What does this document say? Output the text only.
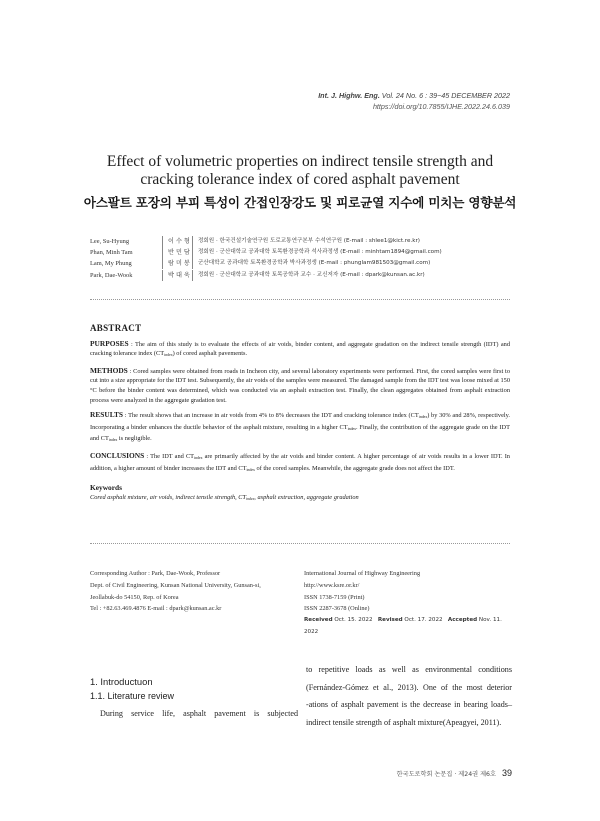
Int. J. Highw. Eng. Vol. 24 No. 6 : 39~45 DECEMBER 2022
https://doi.org/10.7855/IJHE.2022.24.6.039
Effect of volumetric properties on indirect tensile strength and
cracking tolerance index of cored asphalt pavement
아스팔트 포장의 부피 특성이 간접인장강도 및 피로균열 지수에 미치는 영향분석
Lee, Su-Hyung	이 수 형	정회원 · 한국건설기술연구원 도로교통연구본부 수석연구원 (E-mail : shlee1@kict.re.kr)
Phan, Minh Tam	반 민 담	정회원 · 군산대학교 공과대학 토목환경공학과 석사과정생 (E-mail : minhtam1894@gmail.com)
Lam, My Phung	람 미 봉	군산대학교 공과대학 토목환경공학과 박사과정생 (E-mail : phunglam981503@gmail.com)
Park, Dae-Wook	박 대 욱	정회원 · 군산대학교 공과대학 토목공학과 교수 · 교신저자 (E-mail : dpark@kunsan.ac.kr)
ABSTRACT

PURPOSES : The aim of this study is to evaluate the effects of air voids, binder content, and aggregate gradation on the indirect tensile strength (IDT) and cracking tolerance index $(CT_{index})$ of cored asphalt pavements.

METHODS : Cored samples were obtained from roads in Incheon city, and several laboratory experiments were performed. First, the cored samples were first to cut into a size appropriate for the IDT test. Subsequently, the air voids of the samples were measured. The damaged sample from the IDT test was loose mixed at 150 °C before the binder content was determined, which was conducted via an asphalt extraction test. Finally, the clean aggregates obtained from asphalt extraction process were analyzed in the aggregate gradation test.

RESULTS : The result shows that an increase in air voids from 4% to 8% decreases the IDT and cracking tolerance index $(CT_{index})$ by 30% and 28%, respectively. Incorporating a binder enhances the ductile behavior of the asphalt mixture, resulting in a higher $CT_{index}$. Finally, the contribution of the aggregate grade on the IDT and $CT_{index}$ is negligible.

CONCLUSIONS : The IDT and $CT_{index}$ are primarily affected by the air voids and binder content. A higher percentage of air voids results in a lower IDT. In addition, a higher amount of binder increases the IDT and $CT_{index}$ of the cored samples. Meanwhile, the aggregate grade does not affect the IDT.

Keywords
Cored asphalt mixture, air voids, indirect tensile strength, $CT_{index}$, asphalt extraction, aggregate gradation
Corresponding Author : Park, Dae-Wook, Professor
Dept. of Civil Engineering, Kunsan National University, Gunsan-si,
Jeollabuk-do 54150, Rep. of Korea
Tel : +82.63.469.4876 E-mail : dpark@kunsan.ac.kr
International Journal of Highway Engineering
http://www.ksre.or.kr/
ISSN 1738-7159 (Print)
ISSN 2287-3678 (Online)
Received Oct. 15. 2022 Revised Oct. 17. 2022 Accepted Nov. 11. 2022
1. Introductuon
1.1. Literature review
During service life, asphalt pavement is subjected
to repetitive loads as well as environmental conditions
(Fernández-Gómez et al., 2013). One of the most deterior
-ations of asphalt pavement is the decrease in bearing loads–
indirect tensile strength of asphalt mixture(Apeagyei, 2011).
한국도로학회 논문집 · 제24권 제6호 39
